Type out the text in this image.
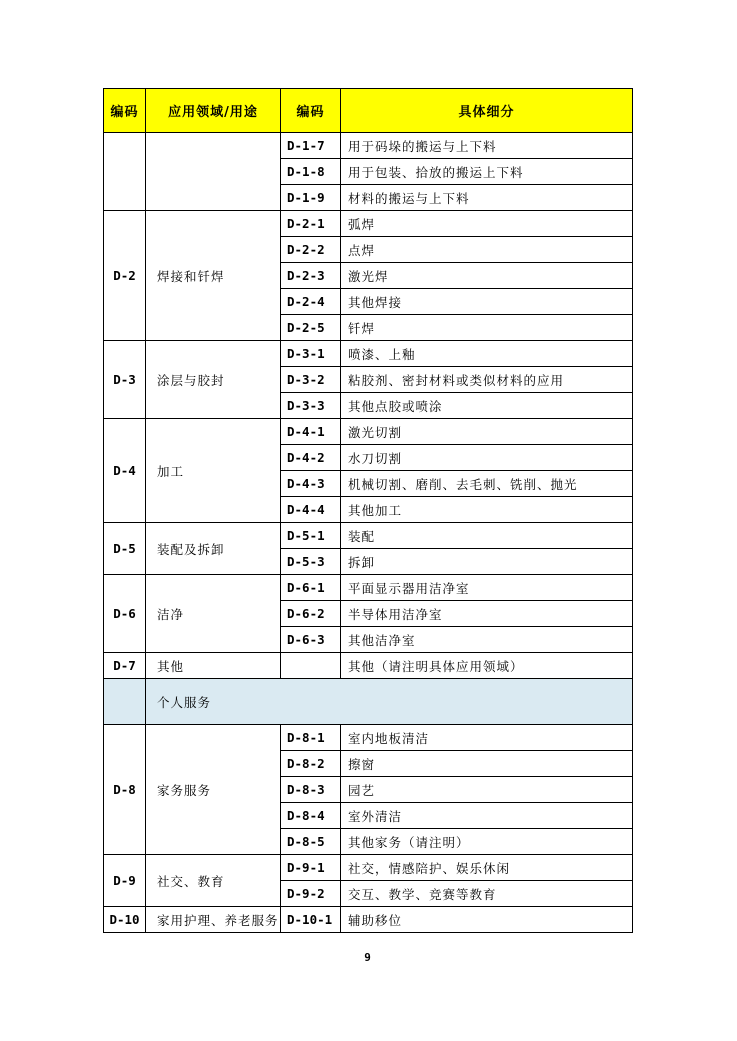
编码	应用领域/用途	编码	具体细分
		D-1-7	用于码垛的搬运与上下料
		D-1-8	用于包装、拾放的搬运上下料
		D-1-9	材料的搬运与上下料
D-2	焊接和钎焊	D-2-1	弧焊
		D-2-2	点焊
		D-2-3	激光焊
		D-2-4	其他焊接
		D-2-5	钎焊
D-3	涂层与胶封	D-3-1	喷漆、上釉
		D-3-2	粘胶剂、密封材料或类似材料的应用
		D-3-3	其他点胶或喷涂
D-4	加工	D-4-1	激光切割
		D-4-2	水刀切割
		D-4-3	机械切割、磨削、去毛刺、铣削、抛光
		D-4-4	其他加工
D-5	装配及拆卸	D-5-1	装配
		D-5-3	拆卸
D-6	洁净	D-6-1	平面显示器用洁净室
		D-6-2	半导体用洁净室
		D-6-3	其他洁净室
D-7	其他		其他（请注明具体应用领域）
	个人服务		
D-8	家务服务	D-8-1	室内地板清洁
		D-8-2	擦窗
		D-8-3	园艺
		D-8-4	室外清洁
		D-8-5	其他家务（请注明）
D-9	社交、教育	D-9-1	社交，情感陪护、娱乐休闲
		D-9-2	交互、教学、竞赛等教育
D-10	家用护理、养老服务	D-10-1	辅助移位
9
